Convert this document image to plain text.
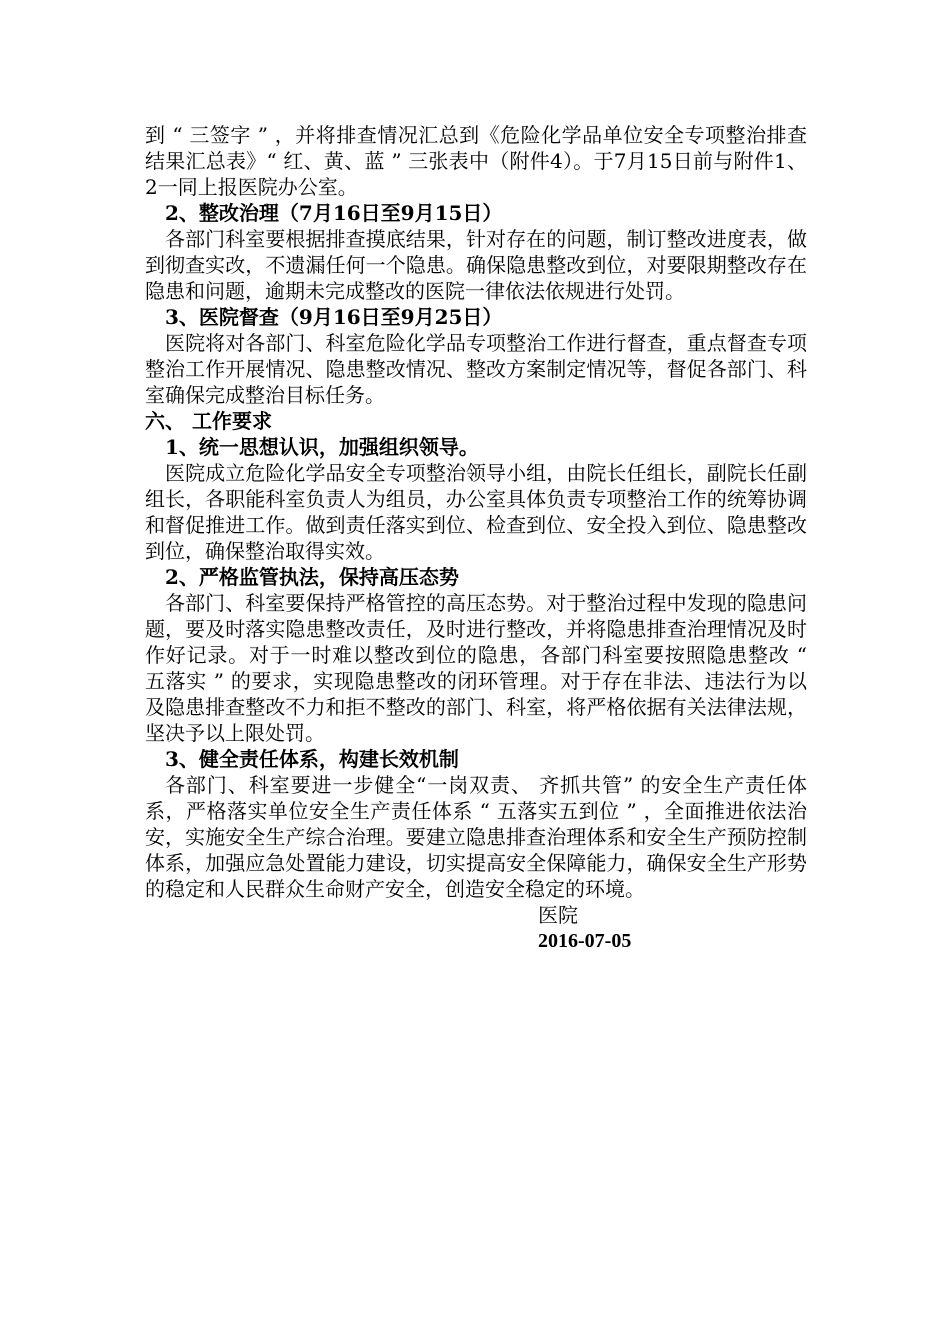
到 “ 三签字 ” ，并将排查情况汇总到《危险化学品单位安全专项整治排查结果汇总表》“ 红、黄、蓝 ” 三张表中（附件4）。于7月15日前与附件1、2一同上报医院办公室。

2、整改治理（7月16日至9月15日）

各部门科室要根据排查摸底结果，针对存在的问题，制订整改进度表，做到彻查实改，不遗漏任何一个隐患。确保隐患整改到位，对要限期整改存在隐患和问题，逾期未完成整改的医院一律依法依规进行处罚。

3、医院督查（9月16日至9月25日）

医院将对各部门、科室危险化学品专项整治工作进行督查，重点督查专项整治工作开展情况、隐患整改情况、整改方案制定情况等，督促各部门、科室确保完成整治目标任务。

六、 工作要求

1、统一思想认识，加强组织领导。

医院成立危险化学品安全专项整治领导小组，由院长任组长，副院长任副组长，各职能科室负责人为组员，办公室具体负责专项整治工作的统筹协调和督促推进工作。做到责任落实到位、检查到位、安全投入到位、隐患整改到位，确保整治取得实效。

2、严格监管执法，保持高压态势

各部门、科室要保持严格管控的高压态势。对于整治过程中发现的隐患问题，要及时落实隐患整改责任，及时进行整改，并将隐患排查治理情况及时作好记录。对于一时难以整改到位的隐患，各部门科室要按照隐患整改 “ 五落实 ” 的要求，实现隐患整改的闭环管理。对于存在非法、违法行为以及隐患排查整改不力和拒不整改的部门、科室，将严格依据有关法律法规，坚决予以上限处罚。

3、健全责任体系，构建长效机制

各部门、科室要进一步健全“一岗双责、 齐抓共管” 的安全生产责任体系，严格落实单位安全生产责任体系 “ 五落实五到位 ” ，全面推进依法治安，实施安全生产综合治理。要建立隐患排查治理体系和安全生产预防控制体系，加强应急处置能力建设，切实提高安全保障能力，确保安全生产形势的稳定和人民群众生命财产安全，创造安全稳定的环境。

医院

2016-07-05
